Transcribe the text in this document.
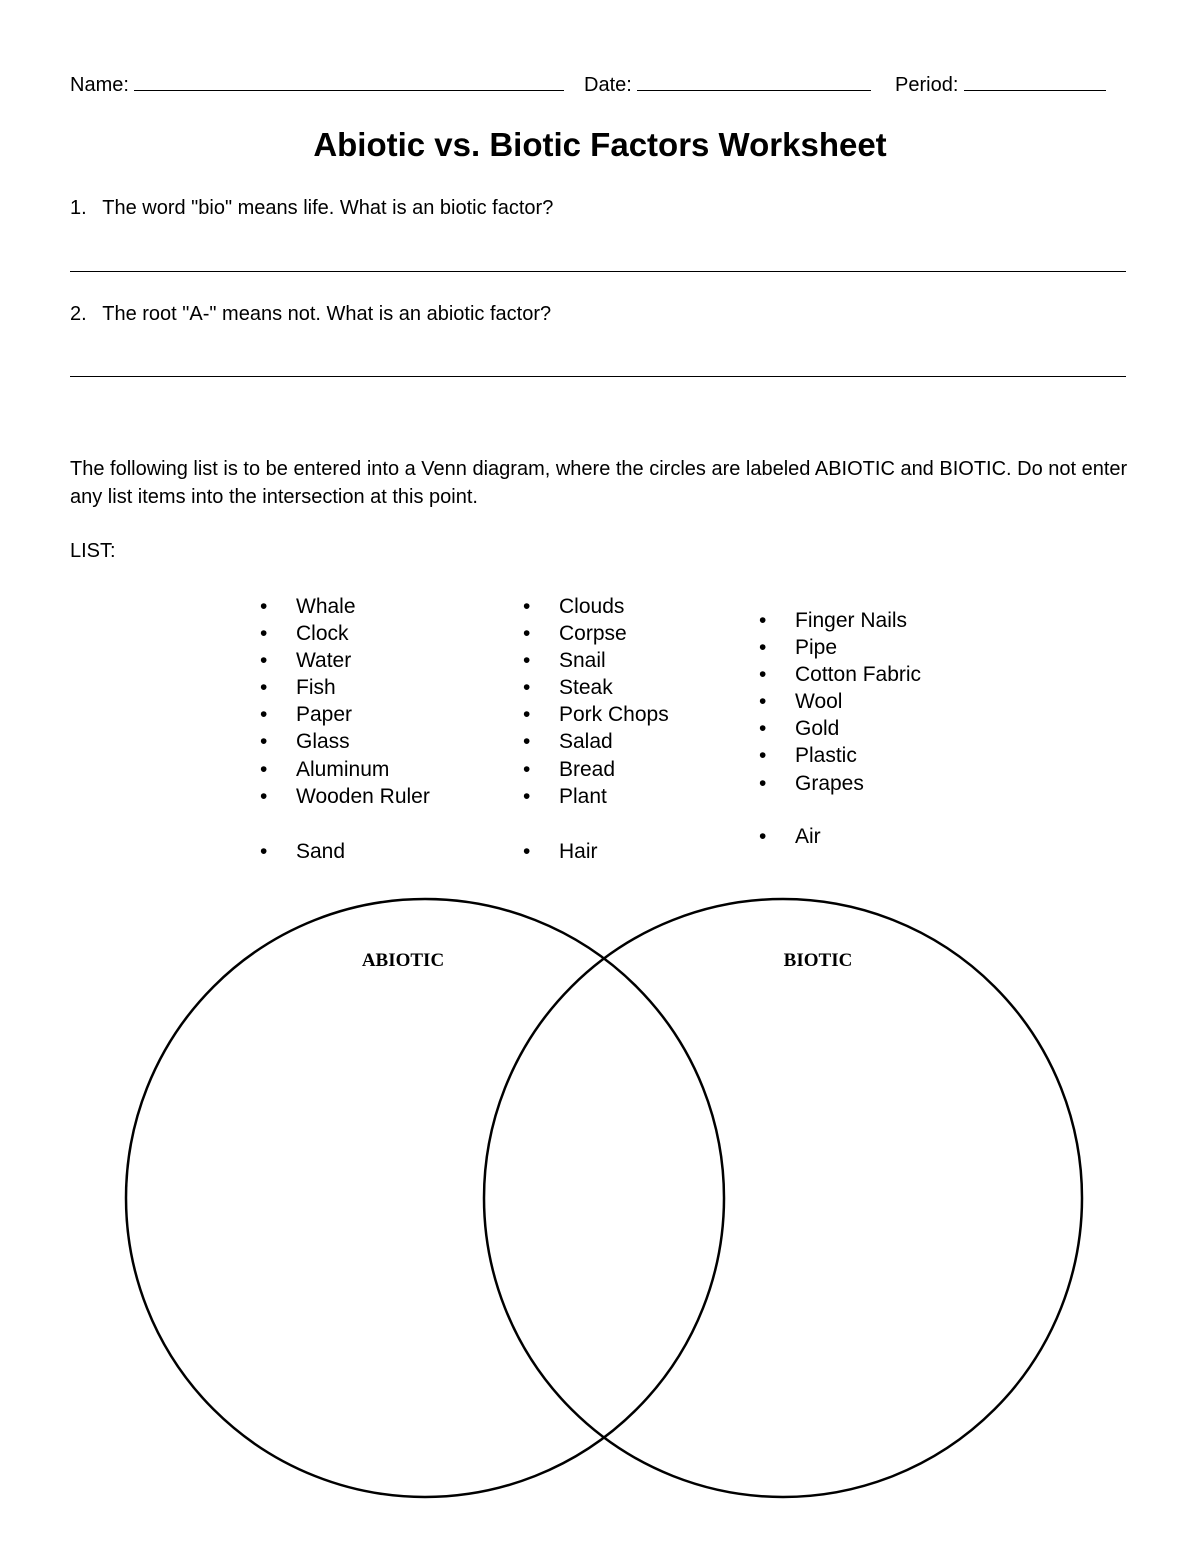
Name:	Date:	Period:
Abiotic vs. Biotic Factors Worksheet
1. The word "bio" means life. What is an biotic factor?
2. The root "A-" means not. What is an abiotic factor?
The following list is to be entered into a Venn diagram, where the circles are labeled ABIOTIC and BIOTIC. Do not enter any list items into the intersection at this point.
LIST:
• Whale
• Clock
• Water
• Fish
• Paper
• Glass
• Aluminum
• Wooden Ruler
• Sand
• Clouds
• Corpse
• Snail
• Steak
• Pork Chops
• Salad
• Bread
• Plant
• Hair
• Finger Nails
• Pipe
• Cotton Fabric
• Wool
• Gold
• Plastic
• Grapes
• Air
ABIOTIC	BIOTIC
